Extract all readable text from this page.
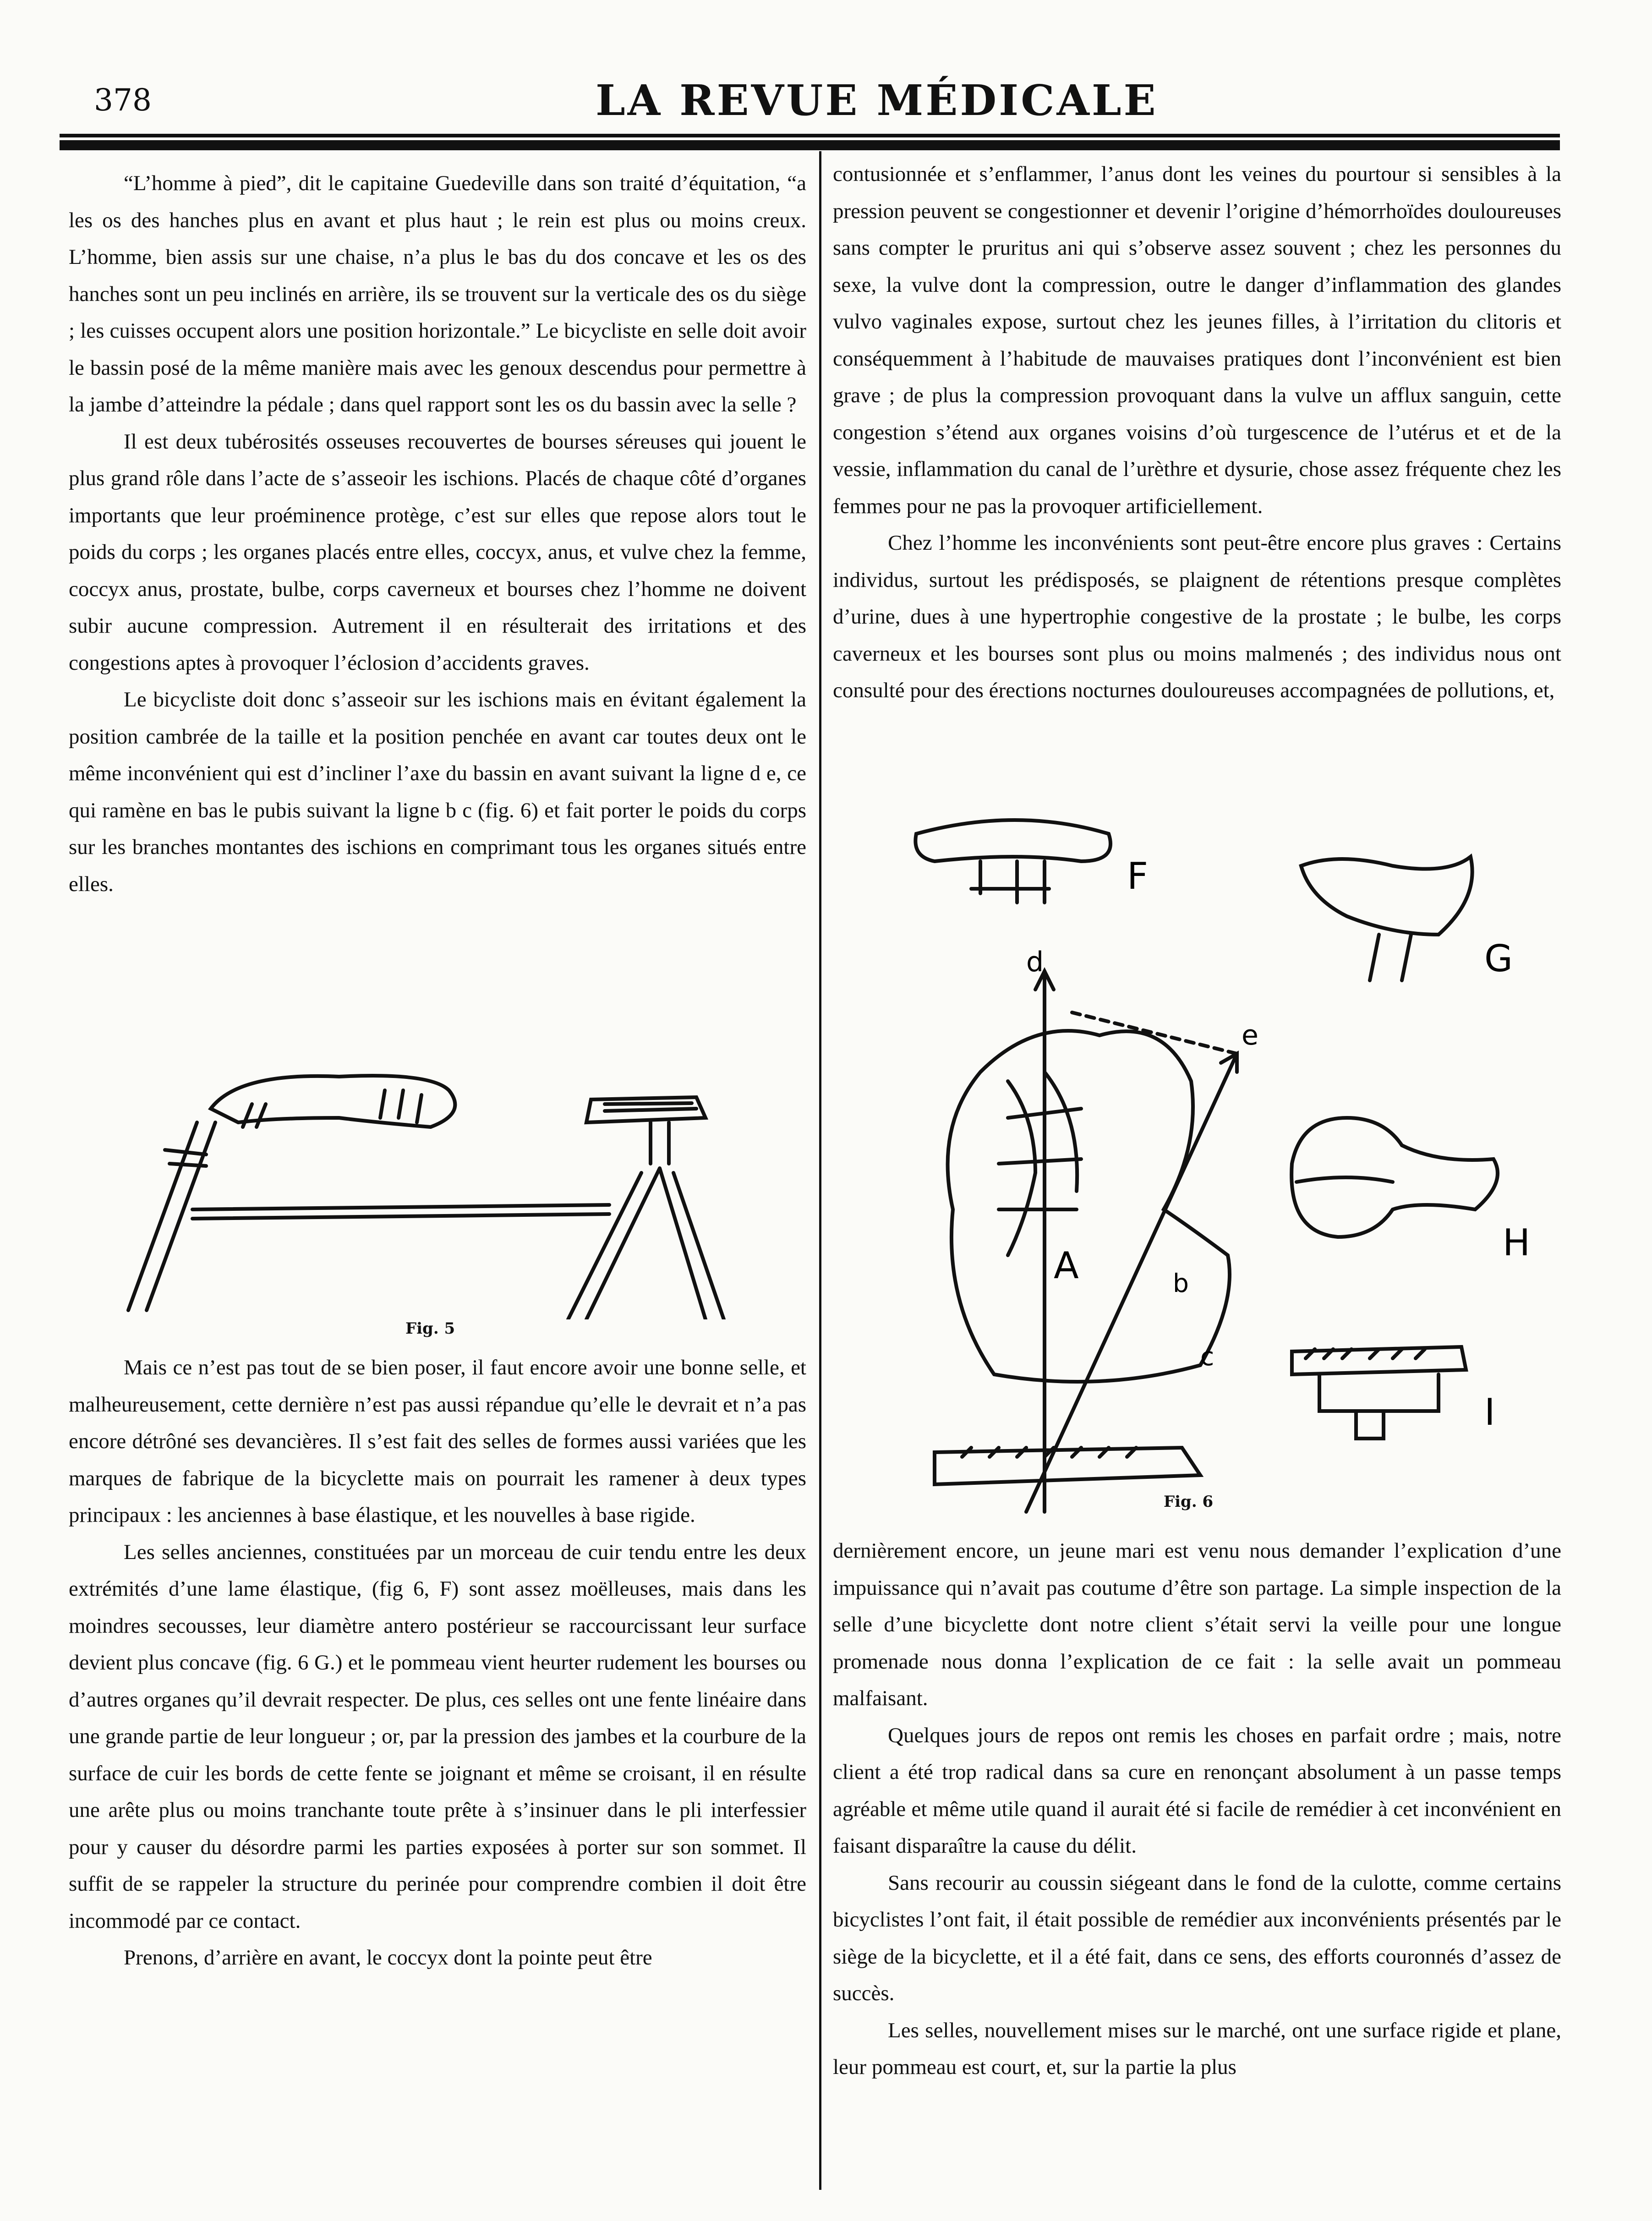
378	LA REVUE MÉDICALE

“L’homme à pied”, dit le capitaine Guedeville dans son traité d’équitation, “a les os des hanches plus en avant et plus haut ; le rein est plus ou moins creux. L’homme, bien assis sur une chaise, n’a plus le bas du dos concave et les os des hanches sont un peu inclinés en arrière, ils se trouvent sur la verticale des os du siège ; les cuisses occupent alors une position horizontale.” Le bicycliste en selle doit avoir le bassin posé de la même manière mais avec les genoux descendus pour permettre à la jambe d’atteindre la pédale ; dans quel rapport sont les os du bassin avec la selle ?

Il est deux tubérosités osseuses recouvertes de bourses séreuses qui jouent le plus grand rôle dans l’acte de s’asseoir les ischions. Placés de chaque côté d’organes importants que leur proéminence protège, c’est sur elles que repose alors tout le poids du corps ; les organes placés entre elles, coccyx, anus, et vulve chez la femme, coccyx anus, prostate, bulbe, corps caverneux et bourses chez l’homme ne doivent subir aucune compression. Autrement il en résulterait des irritations et des congestions aptes à provoquer l’éclosion d’accidents graves.

Le bicycliste doit donc s’asseoir sur les ischions mais en évitant également la position cambrée de la taille et la position penchée en avant car toutes deux ont le même inconvénient qui est d’incliner l’axe du bassin en avant suivant la ligne d e, ce qui ramène en bas le pubis suivant la ligne b c (fig. 6) et fait porter le poids du corps sur les branches montantes des ischions en comprimant tous les organes situés entre elles.

Fig. 5

Mais ce n’est pas tout de se bien poser, il faut encore avoir une bonne selle, et malheureusement, cette dernière n’est pas aussi répandue qu’elle le devrait et n’a pas encore détrôné ses devancières. Il s’est fait des selles de formes aussi variées que les marques de fabrique de la bicyclette mais on pourrait les ramener à deux types principaux : les anciennes à base élastique, et les nouvelles à base rigide.

Les selles anciennes, constituées par un morceau de cuir tendu entre les deux extrémités d’une lame élastique, (fig 6, F) sont assez moëlleuses, mais dans les moindres secousses, leur diamètre antero postérieur se raccourcissant leur surface devient plus concave (fig. 6 G.) et le pommeau vient heurter rudement les bourses ou d’autres organes qu’il devrait respecter. De plus, ces selles ont une fente linéaire dans une grande partie de leur longueur ; or, par la pression des jambes et la courbure de la surface de cuir les bords de cette fente se joignant et même se croisant, il en résulte une arête plus ou moins tranchante toute prête à s’insinuer dans le pli interfessier pour y causer du désordre parmi les parties exposées à porter sur son sommet. Il suffit de se rappeler la structure du perinée pour comprendre combien il doit être incommodé par ce contact.

Prenons, d’arrière en avant, le coccyx dont la pointe peut être

contusionnée et s’enflammer, l’anus dont les veines du pourtour si sensibles à la pression peuvent se congestionner et devenir l’origine d’hémorrhoïdes douloureuses sans compter le pruritus ani qui s’observe assez souvent ; chez les personnes du sexe, la vulve dont la compression, outre le danger d’inflammation des glandes vulvo vaginales expose, surtout chez les jeunes filles, à l’irritation du clitoris et conséquemment à l’habitude de mauvaises pratiques dont l’inconvénient est bien grave ; de plus la compression provoquant dans la vulve un afflux sanguin, cette congestion s’étend aux organes voisins d’où turgescence de l’utérus et et de la vessie, inflammation du canal de l’urèthre et dysurie, chose assez fréquente chez les femmes pour ne pas la provoquer artificiellement.

Chez l’homme les inconvénients sont peut-être encore plus graves : Certains individus, surtout les prédisposés, se plaignent de rétentions presque complètes d’urine, dues à une hypertrophie congestive de la prostate ; le bulbe, les corps caverneux et les bourses sont plus ou moins malmenés ; des individus nous ont consulté pour des érections nocturnes douloureuses accompagnées de pollutions, et,

F
G
H
I
A
d
e
b
c
Fig. 6

dernièrement encore, un jeune mari est venu nous demander l’explication d’une impuissance qui n’avait pas coutume d’être son partage. La simple inspection de la selle d’une bicyclette dont notre client s’était servi la veille pour une longue promenade nous donna l’explication de ce fait : la selle avait un pommeau malfaisant.

Quelques jours de repos ont remis les choses en parfait ordre ; mais, notre client a été trop radical dans sa cure en renonçant absolument à un passe temps agréable et même utile quand il aurait été si facile de remédier à cet inconvénient en faisant disparaître la cause du délit.

Sans recourir au coussin siégeant dans le fond de la culotte, comme certains bicyclistes l’ont fait, il était possible de remédier aux inconvénients présentés par le siège de la bicyclette, et il a été fait, dans ce sens, des efforts couronnés d’assez de succès.

Les selles, nouvellement mises sur le marché, ont une surface rigide et plane, leur pommeau est court, et, sur la partie la plus
